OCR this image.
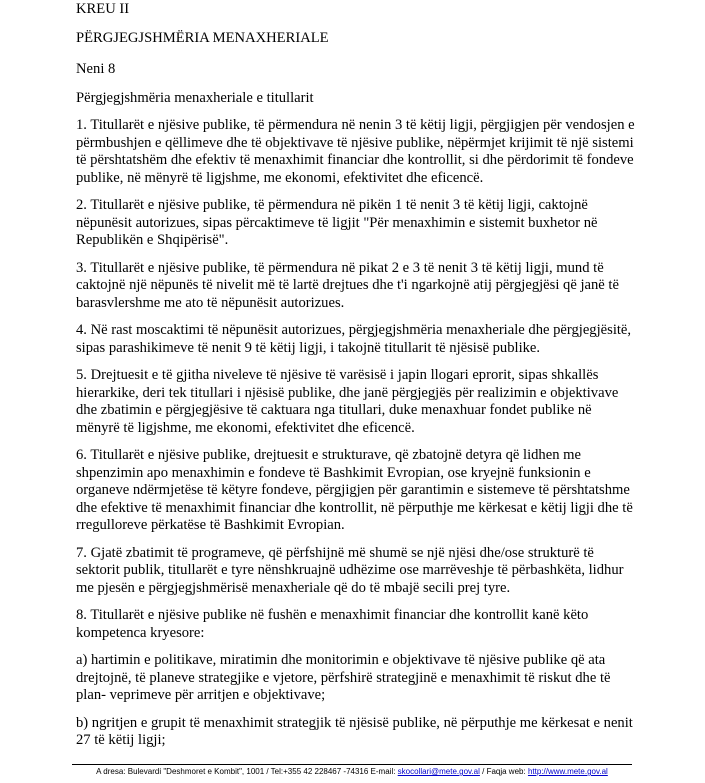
KREU II

PËRGJEGJSHMËRIA MENAXHERIALE

Neni 8

Përgjegjshmëria menaxheriale e titullarit

1. Titullarët e njësive publike, të përmendura në nenin 3 të këtij ligji, përgjigjen për vendosjen e
përmbushjen e qëllimeve dhe të objektivave të njësive publike, nëpërmjet krijimit të një sistemi
të përshtatshëm dhe efektiv të menaxhimit financiar dhe kontrollit, si dhe përdorimit të fondeve
publike, në mënyrë të ligjshme, me ekonomi, efektivitet dhe eficencë.
2. Titullarët e njësive publike, të përmendura në pikën 1 të nenit 3 të këtij ligji, caktojnë
nëpunësit autorizues, sipas përcaktimeve të ligjit "Për menaxhimin e sistemit buxhetor në
Republikën e Shqipërisë".
3. Titullarët e njësive publike, të përmendura në pikat 2 e 3 të nenit 3 të këtij ligji, mund të
caktojnë një nëpunës të nivelit më të lartë drejtues dhe t'i ngarkojnë atij përgjegjësi që janë të
barasvlershme me ato të nëpunësit autorizues.
4. Në rast moscaktimi të nëpunësit autorizues, përgjegjshmëria menaxheriale dhe përgjegjësitë,
sipas parashikimeve të nenit 9 të këtij ligji, i takojnë titullarit të njësisë publike.
5. Drejtuesit e të gjitha niveleve të njësive të varësisë i japin llogari eprorit, sipas shkallës
hierarkike, deri tek titullari i njësisë publike, dhe janë përgjegjës për realizimin e objektivave
dhe zbatimin e përgjegjësive të caktuara nga titullari, duke menaxhuar fondet publike në
mënyrë të ligjshme, me ekonomi, efektivitet dhe eficencë.
6. Titullarët e njësive publike, drejtuesit e strukturave, që zbatojnë detyra që lidhen me
shpenzimin apo menaxhimin e fondeve të Bashkimit Evropian, ose kryejnë funksionin e
organeve ndërmjetëse të këtyre fondeve, përgjigjen për garantimin e sistemeve të përshtatshme
dhe efektive të menaxhimit financiar dhe kontrollit, në përputhje me kërkesat e këtij ligji dhe të
rregulloreve përkatëse të Bashkimit Evropian.
7. Gjatë zbatimit të programeve, që përfshijnë më shumë se një njësi dhe/ose strukturë të
sektorit publik, titullarët e tyre nënshkruajnë udhëzime ose marrëveshje të përbashkëta, lidhur
me pjesën e përgjegjshmërisë menaxheriale që do të mbajë secili prej tyre.
8. Titullarët e njësive publike në fushën e menaxhimit financiar dhe kontrollit kanë këto
kompetenca kryesore:
a) hartimin e politikave, miratimin dhe monitorimin e objektivave të njësive publike që ata
drejtojnë, të planeve strategjike e vjetore, përfshirë strategjinë e menaxhimit të riskut dhe të
plan- veprimeve për arritjen e objektivave;
b) ngritjen e grupit të menaxhimit strategjik të njësisë publike, në përputhje me kërkesat e nenit
27 të këtij ligji;
A dresa: Bulevardi "Deshmoret e Kombit", 1001 / Tel:+355 42 228467 -74316 E-mail: skocollari@mete.gov.al / Faqja web: http://www.mete.gov.al
